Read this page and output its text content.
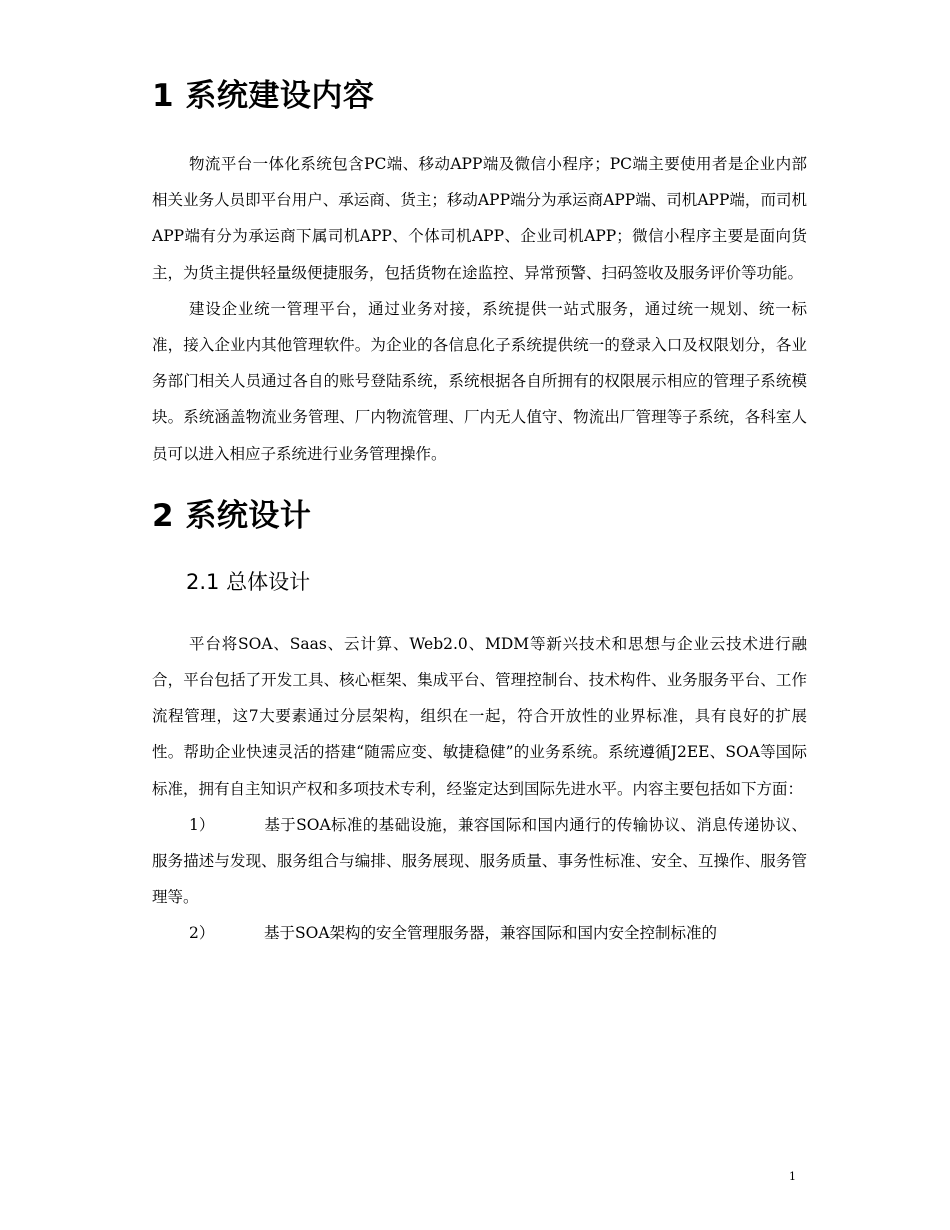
1 系统建设内容

物流平台一体化系统包含PC端、移动APP端及微信小程序；PC端主要使用者是企业内部相关业务人员即平台用户、承运商、货主；移动APP端分为承运商APP端、司机APP端，而司机APP端有分为承运商下属司机APP、个体司机APP、企业司机APP；微信小程序主要是面向货主，为货主提供轻量级便捷服务，包括货物在途监控、异常预警、扫码签收及服务评价等功能。

建设企业统一管理平台，通过业务对接，系统提供一站式服务，通过统一规划、统一标准，接入企业内其他管理软件。为企业的各信息化子系统提供统一的登录入口及权限划分，各业务部门相关人员通过各自的账号登陆系统，系统根据各自所拥有的权限展示相应的管理子系统模块。系统涵盖物流业务管理、厂内物流管理、厂内无人值守、物流出厂管理等子系统，各科室人员可以进入相应子系统进行业务管理操作。

2 系统设计
2.1 总体设计

平台将SOA、Saas、云计算、Web2.0、MDM等新兴技术和思想与企业云技术进行融合，平台包括了开发工具、核心框架、集成平台、管理控制台、技术构件、业务服务平台、工作流程管理，这7大要素通过分层架构，组织在一起，符合开放性的业界标准，具有良好的扩展性。帮助企业快速灵活的搭建“随需应变、敏捷稳健”的业务系统。系统遵循J2EE、SOA等国际标准，拥有自主知识产权和多项技术专利，经鉴定达到国际先进水平。内容主要包括如下方面：

1）	基于SOA标准的基础设施，兼容国际和国内通行的传输协议、消息传递协议、服务描述与发现、服务组合与编排、服务展现、服务质量、事务性标准、安全、互操作、服务管理等。
2）	基于SOA架构的安全管理服务器，兼容国际和国内安全控制标准的
1
